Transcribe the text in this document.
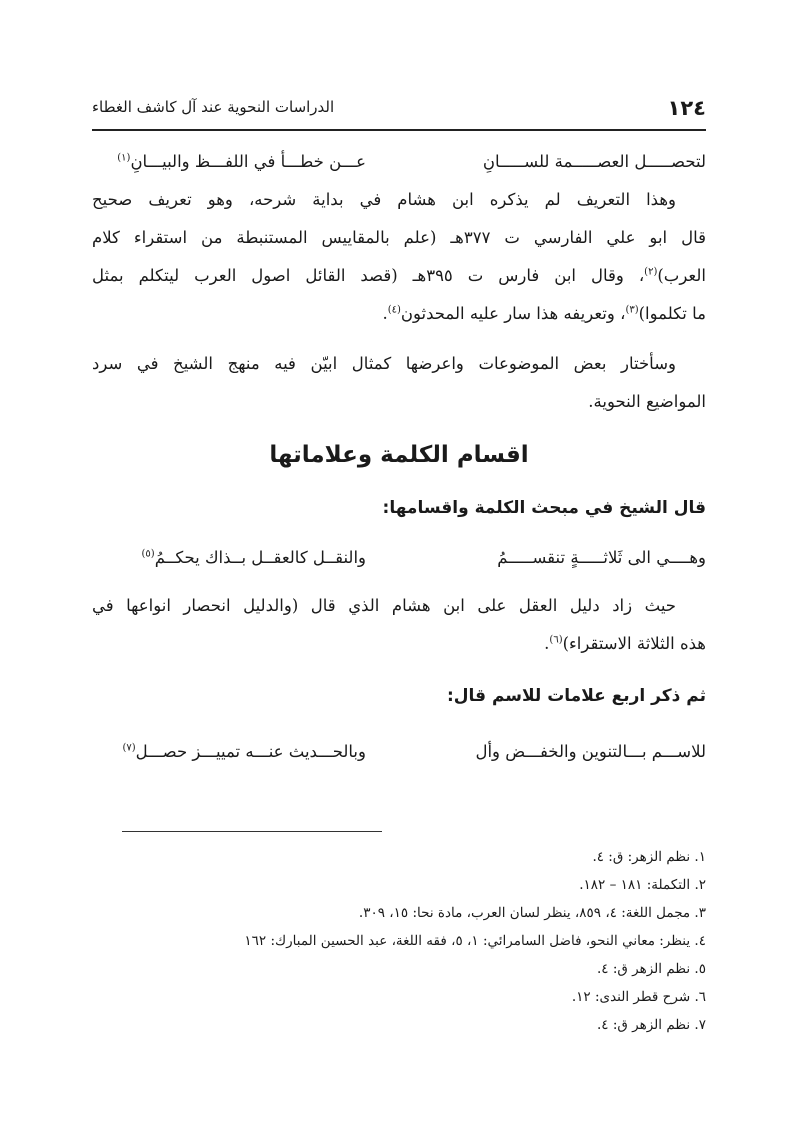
١٢٤
الدراسات النحوية عند آل كاشف الغطاء
لتحصـــــل العصـــــمة للســـــانِ
عـــن خطـــأ في اللفـــظ والبيـــانِ$^{(١)}$
وهذا التعريف لم يذكره ابن هشام في بداية شرحه، وهو تعريف صحيح
قال ابو علي الفارسي ت ٣٧٧هـ (علم بالمقاييس المستنبطة من استقراء كلام
العرب)$^{(٢)}$، وقال ابن فارس ت ٣٩٥هـ (قصد القائل اصول العرب ليتكلم بمثل
ما تكلموا)$^{(٣)}$، وتعريفه هذا سار عليه المحدثون$^{(٤)}$.
وسأختار بعض الموضوعات واعرضها كمثال ابيّن فيه منهج الشيخ في سرد
المواضيع النحوية.
اقسام الكلمة وعلاماتها
قال الشيخ في مبحث الكلمة واقسامها:
وهــــي الى ثَلاثـــــةٍ تنقســـــمُ
والنقــل كالعقــل بــذاك يحكــمُ$^{(٥)}$
حيث زاد دليل العقل على ابن هشام الذي قال (والدليل انحصار انواعها في
هذه الثلاثة الاستقراء)$^{(٦)}$.
ثم ذكر اربع علامات للاسم قال:
للاســـم بـــالتنوين والخفـــض وأل
وبالحـــديث عنـــه تمييـــز حصـــل$^{(٧)}$
١. نظم الزهر: ق: ٤.
٢. التكملة: ١٨١ – ١٨٢.
٣. مجمل اللغة: ٤، ٨٥٩، ينظر لسان العرب، مادة نحا: ١٥، ٣٠٩.
٤. ينظر: معاني النحو، فاضل السامرائي: ١، ٥، فقه اللغة، عبد الحسين المبارك: ١٦٢
٥. نظم الزهر ق: ٤.
٦. شرح قطر الندى: ١٢.
٧. نظم الزهر ق: ٤.
